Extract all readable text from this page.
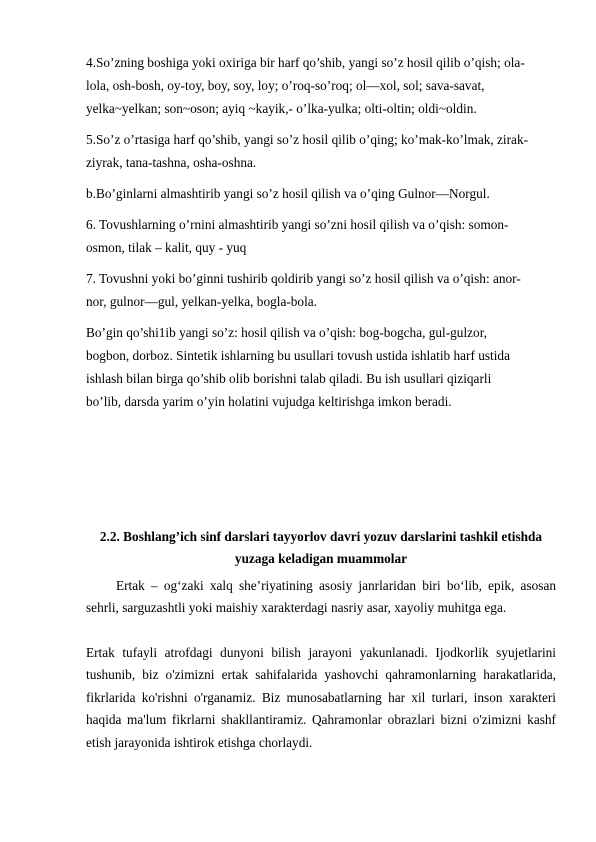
4.So’zning boshiga yoki oxiriga bir harf qo’shib, yangi so’z hosil qilib o’qish; ola-
lola, osh-bosh, oy-toy, boy, soy, loy; o’roq-so’roq; ol—xol, sol; sava-savat,
yelka~yelkan; son~oson; ayiq ~kayik,- o’lka-yulka; olti-oltin; oldi~oldin.
5.So’z o’rtasiga harf qo’shib, yangi so’z hosil qilib o’qing; ko’mak-ko’lmak, zirak-
ziyrak, tana-tashna, osha-oshna.
b.Bo’ginlarni almashtirib yangi so’z hosil qilish va o’qing Gulnor—Norgul.
6. Tovushlarning o’rnini almashtirib yangi so’zni hosil qilish va o’qish: somon-
osmon, tilak – kalit, quy - yuq
7. Tovushni yoki bo’ginni tushirib qoldirib yangi so’z hosil qilish va o’qish: anor-
nor, gulnor—gul, yelkan-yelka, bogla-bola.
Bo’gin qo’shi1ib yangi so’z: hosil qilish va o’qish: bog-bogcha, gul-gulzor,
bogbon, dorboz. Sintetik ishlarning bu usullari tovush ustida ishlatib harf ustida
ishlash bilan birga qo’shib olib borishni talab qiladi. Bu ish usullari qiziqarli
bo’lib, darsda yarim o’yin holatini vujudga keltirishga imkon beradi.
2.2. Boshlang’ich sinf darslari tayyorlov davri yozuv darslarini tashkil etishda
yuzaga keladigan muammolar
Ertak – og‘zaki xalq she’riyatining asosiy janrlaridan biri bo‘lib, epik, asosan sehrli, sarguzashtli yoki maishiy xarakterdagi nasriy asar, xayoliy muhitga ega.
Ertak tufayli atrofdagi dunyoni bilish jarayoni yakunlanadi. Ijodkorlik syujetlarini tushunib, biz o'zimizni ertak sahifalarida yashovchi qahramonlarning harakatlarida, fikrlarida ko'rishni o'rganamiz. Biz munosabatlarning har xil turlari, inson xarakteri haqida ma'lum fikrlarni shakllantiramiz. Qahramonlar obrazlari bizni o'zimizni kashf etish jarayonida ishtirok etishga chorlaydi.
